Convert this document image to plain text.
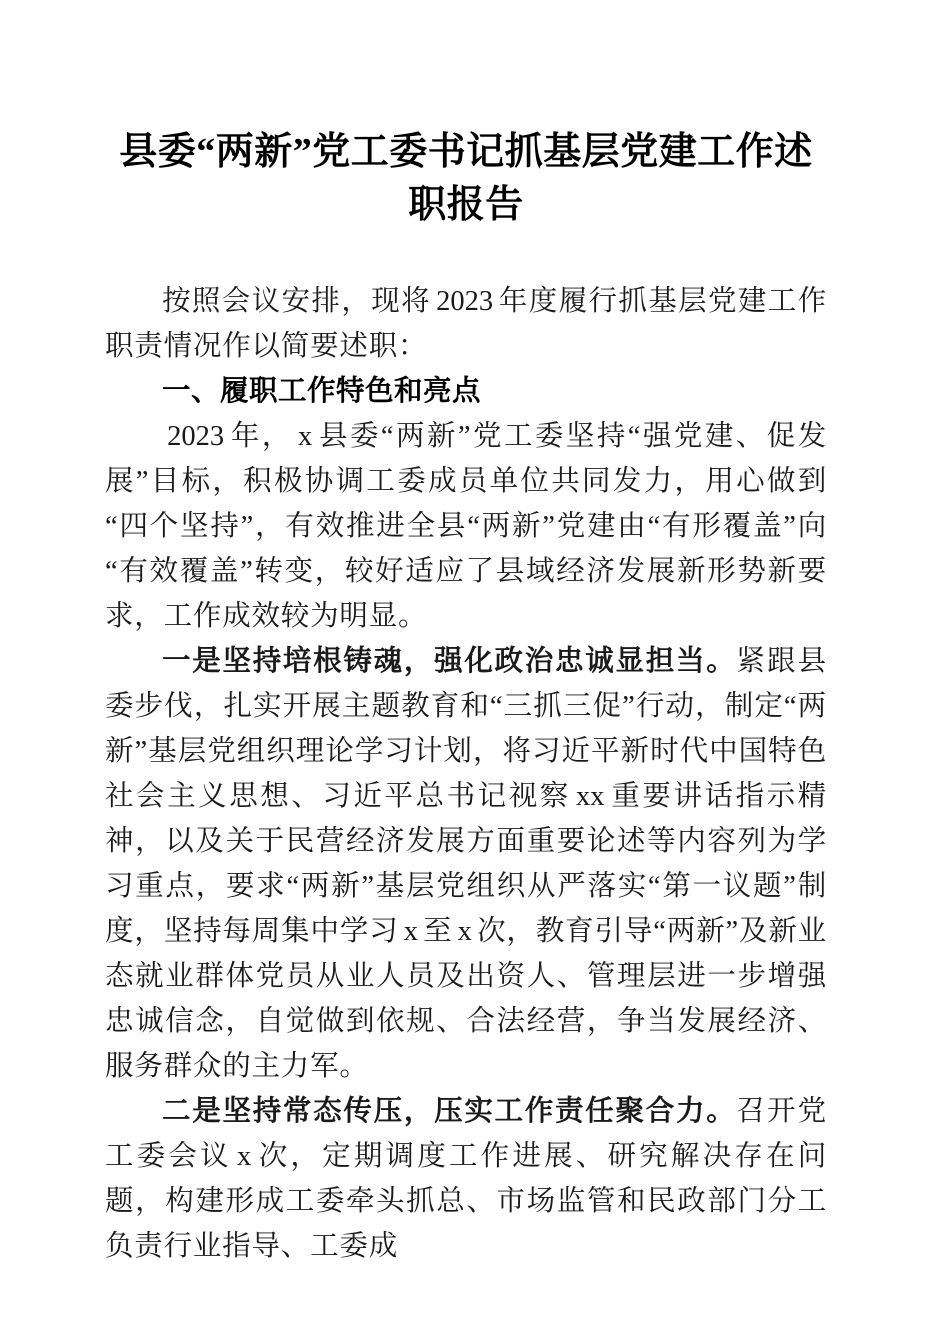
县委“两新”党工委书记抓基层党建工作述职报告

按照会议安排，现将 2023 年度履行抓基层党建工作职责情况作以简要述职：

一、履职工作特色和亮点

2023 年， x 县委“两新”党工委坚持“强党建、促发展”目标，积极协调工委成员单位共同发力，用心做到“四个坚持”，有效推进全县“两新”党建由“有形覆盖”向“有效覆盖”转变，较好适应了县域经济发展新形势新要求，工作成效较为明显。

一是坚持培根铸魂，强化政治忠诚显担当。紧跟县委步伐，扎实开展主题教育和“三抓三促”行动，制定“两新”基层党组织理论学习计划，将习近平新时代中国特色社会主义思想、习近平总书记视察 xx 重要讲话指示精神，以及关于民营经济发展方面重要论述等内容列为学习重点，要求“两新”基层党组织从严落实“第一议题”制度，坚持每周集中学习 x 至 x 次，教育引导“两新”及新业态就业群体党员从业人员及出资人、管理层进一步增强忠诚信念，自觉做到依规、合法经营，争当发展经济、服务群众的主力军。

二是坚持常态传压，压实工作责任聚合力。召开党工委会议 x 次，定期调度工作进展、研究解决存在问题，构建形成工委牵头抓总、市场监管和民政部门分工负责行业指导、工委成
